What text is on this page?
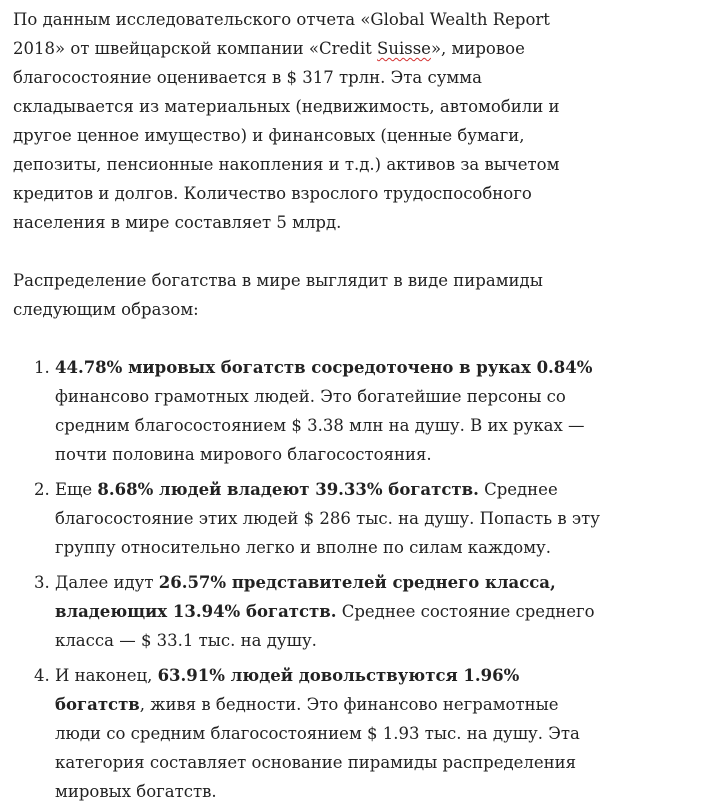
По данным исследовательского отчета «Global Wealth Report 2018» от швейцарской компании «Credit Suisse», мировое благосостояние оценивается в $ 317 трлн. Эта сумма складывается из материальных (недвижимость, автомобили и другое ценное имущество) и финансовых (ценные бумаги, депозиты, пенсионные накопления и т.д.) активов за вычетом кредитов и долгов. Количество взрослого трудоспособного населения в мире составляет 5 млрд.

Распределение богатства в мире выглядит в виде пирамиды следующим образом:

1. 44.78% мировых богатств сосредоточено в руках 0.84% финансово грамотных людей. Это богатейшие персоны со средним благосостоянием $ 3.38 млн на душу. В их руках — почти половина мирового благосостояния.
2. Еще 8.68% людей владеют 39.33% богатств. Среднее благосостояние этих людей $ 286 тыс. на душу. Попасть в эту группу относительно легко и вполне по силам каждому.
3. Далее идут 26.57% представителей среднего класса, владеющих 13.94% богатств. Среднее состояние среднего класса — $ 33.1 тыс. на душу.
4. И наконец, 63.91% людей довольствуются 1.96% богатств, живя в бедности. Это финансово неграмотные люди со средним благосостоянием $ 1.93 тыс. на душу. Эта категория составляет основание пирамиды распределения мировых богатств.
